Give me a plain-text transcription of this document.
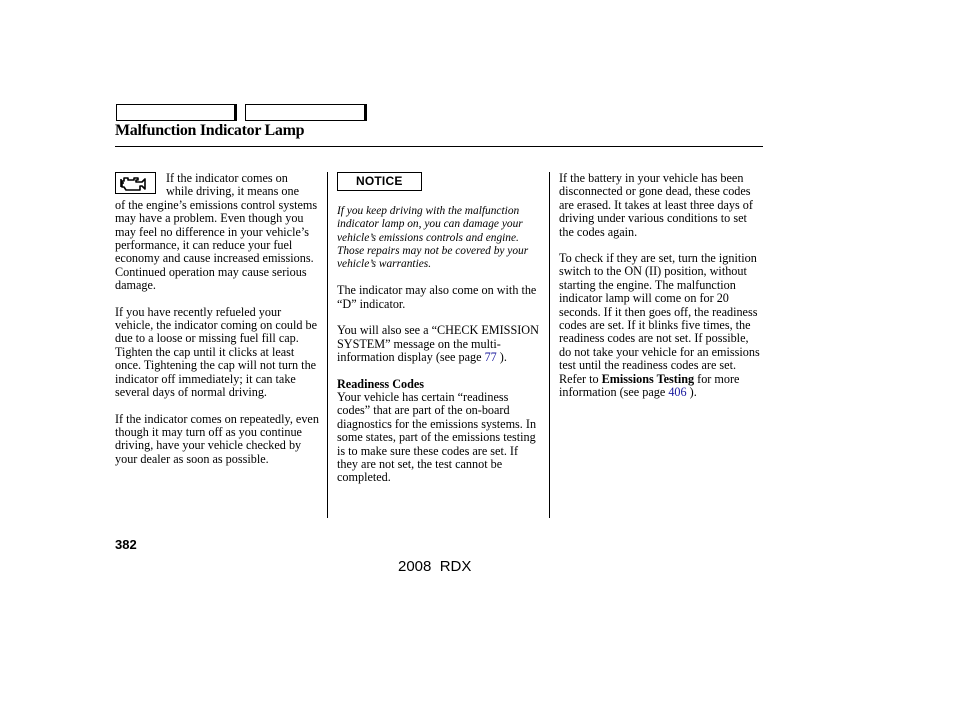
Malfunction Indicator Lamp

If the indicator comes on

while driving, it means one

of the engine’s emissions control systems may have a problem. Even though you may feel no difference in your vehicle’s performance, it can reduce your fuel economy and cause increased emissions. Continued operation may cause serious damage.

If you have recently refueled your vehicle, the indicator coming on could be due to a loose or missing fuel fill cap. Tighten the cap until it clicks at least once. Tightening the cap will not turn the indicator off immediately; it can take several days of normal driving.

If the indicator comes on repeatedly, even though it may turn off as you continue driving, have your vehicle checked by your dealer as soon as possible.

NOTICE

If you keep driving with the malfunction indicator lamp on, you can damage your vehicle’s emissions controls and engine. Those repairs may not be covered by your vehicle’s warranties.

The indicator may also come on with the “D” indicator.

You will also see a “CHECK EMISSION SYSTEM” message on the multi-information display (see page 77 ).

Readiness Codes

Your vehicle has certain “readiness codes” that are part of the on-board diagnostics for the emissions systems. In some states, part of the emissions testing is to make sure these codes are set. If they are not set, the test cannot be completed.

If the battery in your vehicle has been disconnected or gone dead, these codes are erased. It takes at least three days of driving under various conditions to set the codes again.

To check if they are set, turn the ignition switch to the ON (II) position, without starting the engine. The malfunction indicator lamp will come on for 20 seconds. If it then goes off, the readiness codes are set. If it blinks five times, the readiness codes are not set. If possible, do not take your vehicle for an emissions test until the readiness codes are set. Refer to Emissions Testing for more information (see page 406 ).

382
2008  RDX
